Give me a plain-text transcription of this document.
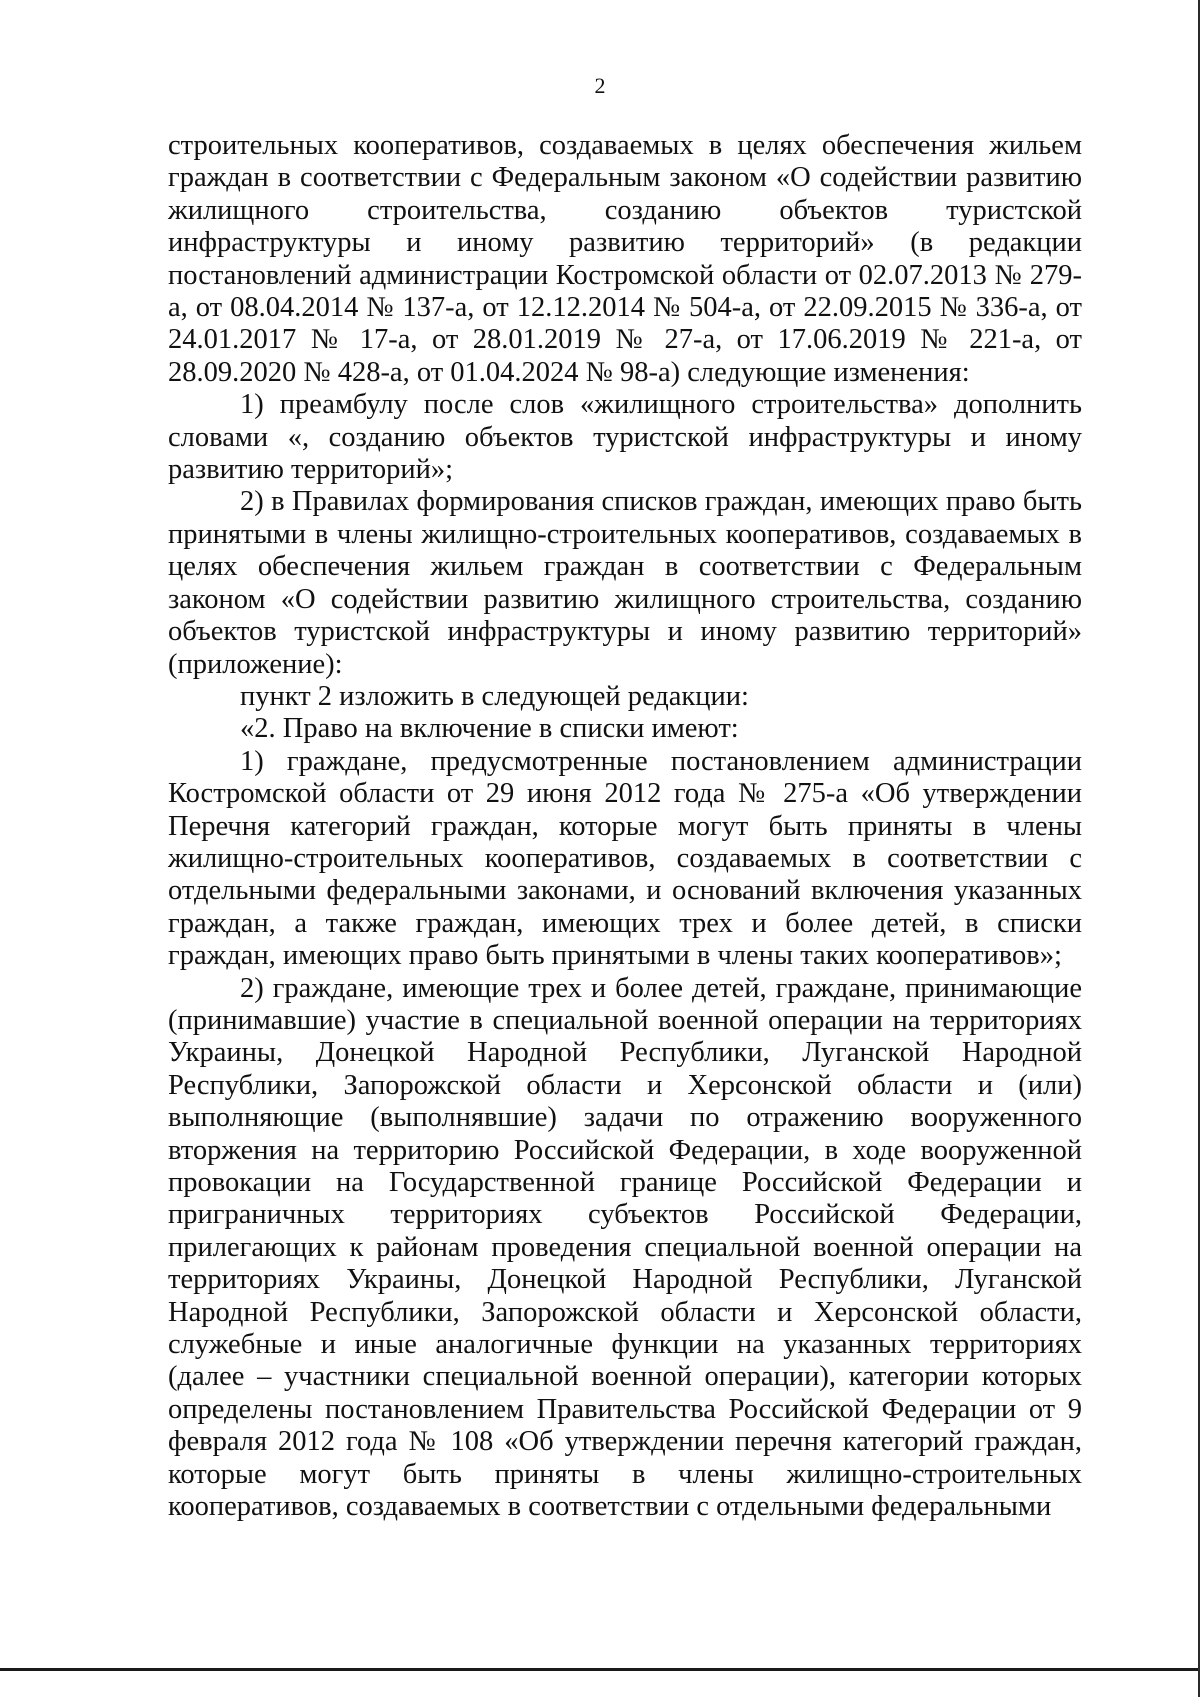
2

строительных кооперативов, создаваемых в целях обеспечения жильем граждан в соответствии с Федеральным законом «О содействии развитию жилищного строительства, созданию объектов туристской инфраструктуры и иному развитию территорий» (в редакции постановлений администрации Костромской области от 02.07.2013 № 279-а, от 08.04.2014 № 137-а, от 12.12.2014 № 504-а, от 22.09.2015 № 336-а, от 24.01.2017 № 17-а, от 28.01.2019 № 27-а, от 17.06.2019 № 221-а, от 28.09.2020 № 428-а, от 01.04.2024 № 98-а) следующие изменения:

1) преамбулу после слов «жилищного строительства» дополнить словами «, созданию объектов туристской инфраструктуры и иному развитию территорий»;

2) в Правилах формирования списков граждан, имеющих право быть принятыми в члены жилищно-строительных кооперативов, создаваемых в целях обеспечения жильем граждан в соответствии с Федеральным законом «О содействии развитию жилищного строительства, созданию объектов туристской инфраструктуры и иному развитию территорий» (приложение):

пункт 2 изложить в следующей редакции:

«2. Право на включение в списки имеют:

1) граждане, предусмотренные постановлением администрации Костромской области от 29 июня 2012 года № 275-а «Об утверждении Перечня категорий граждан, которые могут быть приняты в члены жилищно-строительных кооперативов, создаваемых в соответствии с отдельными федеральными законами, и оснований включения указанных граждан, а также граждан, имеющих трех и более детей, в списки граждан, имеющих право быть принятыми в члены таких кооперативов»;

2) граждане, имеющие трех и более детей, граждане, принимающие (принимавшие) участие в специальной военной операции на территориях Украины, Донецкой Народной Республики, Луганской Народной Республики, Запорожской области и Херсонской области и (или) выполняющие (выполнявшие) задачи по отражению вооруженного вторжения на территорию Российской Федерации, в ходе вооруженной провокации на Государственной границе Российской Федерации и приграничных территориях субъектов Российской Федерации, прилегающих к районам проведения специальной военной операции на территориях Украины, Донецкой Народной Республики, Луганской Народной Республики, Запорожской области и Херсонской области, служебные и иные аналогичные функции на указанных территориях (далее – участники специальной военной операции), категории которых определены постановлением Правительства Российской Федерации от 9 февраля 2012 года № 108 «Об утверждении перечня категорий граждан, которые могут быть приняты в члены жилищно-строительных кооперативов, создаваемых в соответствии с отдельными федеральными
